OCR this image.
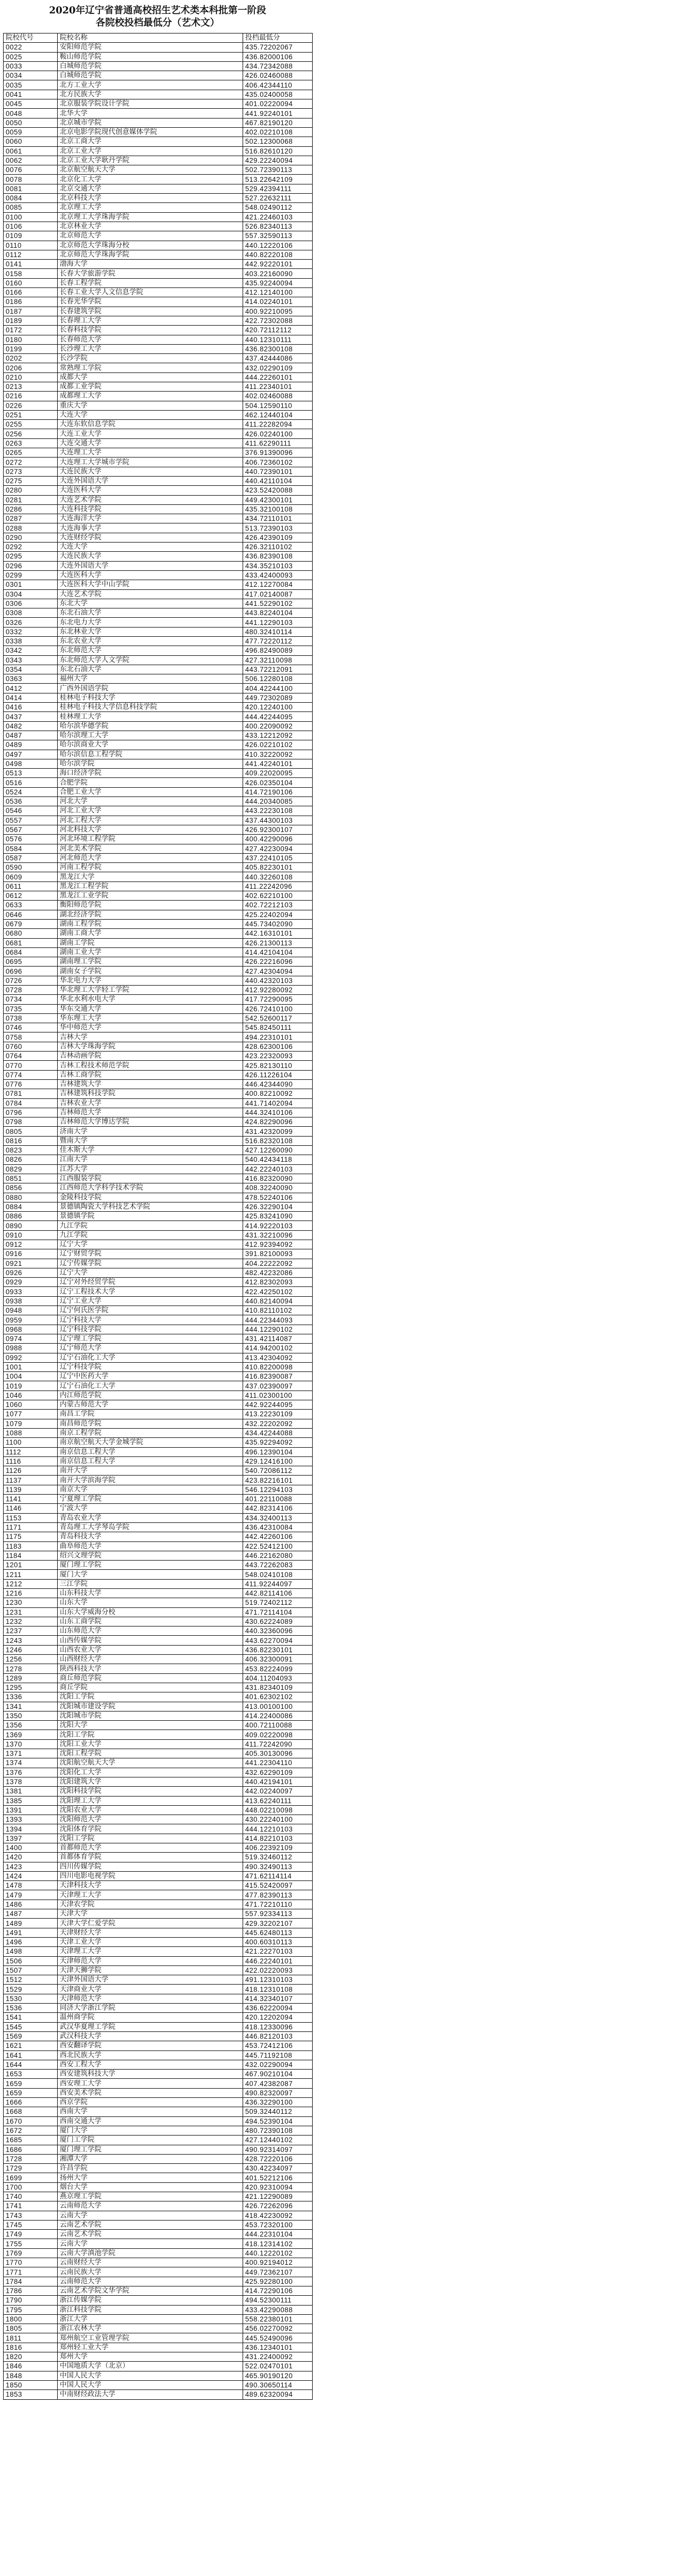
2020年辽宁省普通高校招生艺术类本科批第一阶段
各院校投档最低分（艺术文）
院校代号	院校名称	投档最低分
0022	安阳师范学院	435.72202067
0025	鞍山师范学院	436.82000106
0033	白城师范学院	434.72342088
0034	白城师范学院	426.02460088
0035	北方工业大学	406.42344110
0041	北方民族大学	435.02400058
0045	北京服装学院设计学院	401.02220094
0048	北华大学	441.92240101
0050	北京城市学院	467.82190120
0059	北京电影学院现代创意媒体学院	402.02210108
0060	北京工商大学	502.12300068
0061	北京工业大学	516.82610120
0062	北京工业大学耿丹学院	429.22240094
0076	北京航空航天大学	502.72390113
0078	北京化工大学	513.22642109
0081	北京交通大学	529.42394111
0084	北京科技大学	527.22632111
0085	北京理工大学	548.02490112
0100	北京理工大学珠海学院	421.22460103
0106	北京林业大学	526.82340113
0109	北京师范大学	557.32590113
0110	北京师范大学珠海分校	440.12220106
0112	北京师范大学珠海学院	440.82220108
0141	渤海大学	442.92220101
0158	长春大学旅游学院	403.22160090
0160	长春工程学院	435.92240094
0166	长春工业大学人文信息学院	412.12140100
0186	长春光华学院	414.02240101
0187	长春建筑学院	400.92210095
0189	长春理工大学	422.72302088
0172	长春科技学院	420.72112112
0180	长春师范大学	440.12310111
0199	长沙理工大学	436.82300108
0202	长沙学院	437.42444086
0206	常熟理工学院	432.02290109
0210	成都大学	444.22260101
0213	成都工业学院	411.22340101
0216	成都理工大学	402.02460088
0226	重庆大学	504.12590110
0251	大连大学	462.12440104
0255	大连东软信息学院	411.22282094
0256	大连工业大学	426.02240100
0263	大连交通大学	411.62290111
0265	大连理工大学	376.91390096
0272	大连理工大学城市学院	406.72360102
0273	大连民族大学	440.72390101
0275	大连外国语大学	440.42110104
0280	大连医科大学	423.52420088
0281	大连艺术学院	449.42300101
0286	大连科技学院	435.32100108
0287	大连海洋大学	434.72110101
0288	大连海事大学	513.72390103
0290	大连财经学院	426.42390109
0292	大连大学	426.32110102
0295	大连民族大学	436.82390108
0296	大连外国语大学	434.35210103
0299	大连医科大学	433.42400093
0301	大连医科大学中山学院	412.12270084
0304	大连艺术学院	417.02140087
0306	东北大学	441.52290102
0308	东北石油大学	443.82240104
0326	东北电力大学	441.12290103
0332	东北林业大学	480.32410114
0338	东北农业大学	477.72220112
0342	东北师范大学	496.82490089
0343	东北师范大学人文学院	427.32110098
0354	东北石油大学	443.72212091
0363	福州大学	506.12280108
0412	广西外国语学院	404.42244100
0414	桂林电子科技大学	449.72302089
0416	桂林电子科技大学信息科技学院	420.12240100
0437	桂林理工大学	444.42244095
0482	哈尔滨华德学院	400.22090092
0487	哈尔滨理工大学	433.12212092
0489	哈尔滨商业大学	426.02210102
0497	哈尔滨信息工程学院	410.32220092
0498	哈尔滨学院	441.42240101
0513	海口经济学院	409.22020095
0516	合肥学院	426.02350104
0524	合肥工业大学	414.72190106
0536	河北大学	444.20340085
0546	河北工业大学	443.22230108
0557	河北工程大学	437.44300103
0567	河北科技大学	426.92300107
0576	河北环境工程学院	400.42290096
0584	河北美术学院	427.42230094
0587	河北师范大学	437.22410105
0590	河南工程学院	405.82230101
0609	黑龙江大学	440.32260108
0611	黑龙江工程学院	411.22242096
0612	黑龙江工业学院	402.62210100
0633	衡阳师范学院	402.72212103
0646	湖北经济学院	425.22402094
0679	湖南工程学院	445.73402090
0680	湖南工商大学	442.16310101
0681	湖南工学院	426.21300113
0684	湖南工业大学	414.42104104
0695	湖南理工学院	426.22216096
0696	湖南女子学院	427.42304094
0726	华北电力大学	440.42320103
0728	华北理工大学轻工学院	412.92280092
0734	华北水利水电大学	417.72290095
0735	华东交通大学	426.72410100
0738	华东理工大学	542.52600117
0746	华中师范大学	545.82450111
0758	吉林大学	494.22310101
0760	吉林大学珠海学院	428.62300106
0764	吉林动画学院	423.22320093
0770	吉林工程技术师范学院	425.82130110
0774	吉林工商学院	426.11226104
0776	吉林建筑大学	446.42344090
0781	吉林建筑科技学院	400.82210092
0784	吉林农业大学	441.71402094
0796	吉林师范大学	444.32410106
0798	吉林师范大学博达学院	424.82290096
0805	济南大学	431.42320099
0816	暨南大学	516.82320108
0823	佳木斯大学	427.12260090
0826	江南大学	540.42434118
0829	江苏大学	442.22240103
0851	江西服装学院	416.82320090
0856	江西师范大学科学技术学院	408.32240090
0880	金陵科技学院	478.52240106
0884	景德镇陶瓷大学科技艺术学院	426.32290104
0886	景德镇学院	425.83241090
0890	九江学院	414.92220103
0910	九江学院	431.32210096
0912	辽宁大学	412.92394092
0916	辽宁财贸学院	391.82100093
0921	辽宁传媒学院	404.22222092
0926	辽宁大学	482.42232086
0929	辽宁对外经贸学院	412.82302093
0933	辽宁工程技术大学	422.42250102
0938	辽宁工业大学	440.82140094
0948	辽宁何氏医学院	410.82110102
0959	辽宁科技大学	444.22344093
0968	辽宁科技学院	444.12290102
0974	辽宁理工学院	431.42114087
0988	辽宁师范大学	414.94200102
0992	辽宁石油化工大学	413.42304092
1001	辽宁科技学院	410.82200098
1004	辽宁中医药大学	416.82390087
1019	辽宁石油化工大学	437.02390097
1046	内江师范学院	411.02300100
1060	内蒙古师范大学	442.92244095
1077	南昌工学院	413.22230109
1079	南昌师范学院	432.22202092
1088	南京工程学院	434.42244088
1100	南京航空航天大学金城学院	435.92294092
1112	南京信息工程大学	496.12390104
1116	南京信息工程大学	429.12416100
1126	南开大学	540.72086112
1137	南开大学滨海学院	423.82216101
1139	南京大学	546.12294103
1141	宁夏理工学院	401.22110088
1146	宁波大学	442.82314106
1153	青岛农业大学	434.32400113
1171	青岛理工大学琴岛学院	436.42310084
1175	青岛科技大学	442.42260106
1183	曲阜师范大学	422.52412100
1184	绍兴文理学院	446.22162080
1201	厦门理工学院	443.72262083
1211	厦门大学	548.02410108
1212	三江学院	411.92244097
1216	山东科技大学	442.82114106
1230	山东大学	519.72402112
1231	山东大学威海分校	471.72114104
1232	山东工商学院	430.62224089
1237	山东师范大学	440.32360096
1243	山西传媒学院	443.62270094
1246	山西农业大学	436.82230101
1256	山西财经大学	406.32300091
1278	陕西科技大学	453.82224099
1289	商丘师范学院	404.11204093
1295	商丘学院	431.82340109
1336	沈阳工学院	401.62302102
1341	沈阳城市建设学院	413.00100100
1350	沈阳城市学院	414.22400086
1356	沈阳大学	400.72110088
1369	沈阳工学院	409.02220098
1370	沈阳工业大学	411.72242090
1371	沈阳工程学院	405.30130096
1374	沈阳航空航天大学	441.22304110
1376	沈阳化工大学	432.62290109
1378	沈阳建筑大学	440.42194101
1381	沈阳科技学院	442.02240097
1385	沈阳理工大学	413.62240111
1391	沈阳农业大学	448.02210098
1393	沈阳师范大学	430.22240100
1394	沈阳体育学院	444.12210103
1397	沈阳工学院	414.82210103
1400	首都师范大学	406.22392109
1420	首都体育学院	519.32460112
1423	四川传媒学院	490.32490113
1424	四川电影电视学院	471.62114114
1478	天津科技大学	415.52420097
1479	天津理工大学	477.82390113
1486	天津农学院	471.72210110
1487	天津大学	557.92334113
1489	天津大学仁爱学院	429.32202107
1491	天津财经大学	445.62480113
1496	天津工业大学	400.60310113
1498	天津理工大学	421.22270103
1506	天津师范大学	446.22240101
1507	天津天狮学院	422.02220093
1512	天津外国语大学	491.12310103
1529	天津商业大学	418.12310108
1530	天津师范大学	414.32340107
1536	同济大学浙江学院	436.62220094
1541	温州商学院	420.12202094
1545	武汉华夏理工学院	418.12330096
1569	武汉科技大学	446.82120103
1621	西安翻译学院	453.72412106
1641	西北民族大学	445.71192108
1644	西安工程大学	432.02290094
1653	西安建筑科技大学	467.90210104
1659	西安理工大学	407.42382087
1659	西安美术学院	490.82320097
1666	西京学院	436.32290100
1668	西南大学	509.32440112
1670	西南交通大学	494.52390104
1672	厦门大学	480.72390108
1685	厦门工学院	427.12440102
1686	厦门理工学院	490.92314097
1728	湘潭大学	428.72220106
1729	许昌学院	430.42234097
1699	扬州大学	401.52212106
1700	烟台大学	420.92310094
1740	燕京理工学院	421.12290089
1741	云南师范大学	426.72262096
1743	云南大学	418.42230092
1745	云南艺术学院	453.72320100
1749	云南艺术学院	444.22310104
1755	云南大学	418.12314102
1769	云南大学滇池学院	440.12220102
1770	云南财经大学	400.92194012
1771	云南民族大学	449.72362107
1784	云南师范大学	425.92280100
1786	云南艺术学院文华学院	414.72290106
1790	浙江传媒学院	494.52300111
1795	浙江科技学院	433.42290088
1800	浙江大学	558.22380101
1805	浙江农林大学	456.02270092
1811	郑州航空工业管理学院	445.52490096
1816	郑州轻工业大学	436.12340101
1820	郑州大学	431.22400092
1846	中国地质大学（北京）	522.02470101
1848	中国人民大学	465.90190120
1850	中国人民大学	490.30650114
1853	中南财经政法大学	489.62320094
